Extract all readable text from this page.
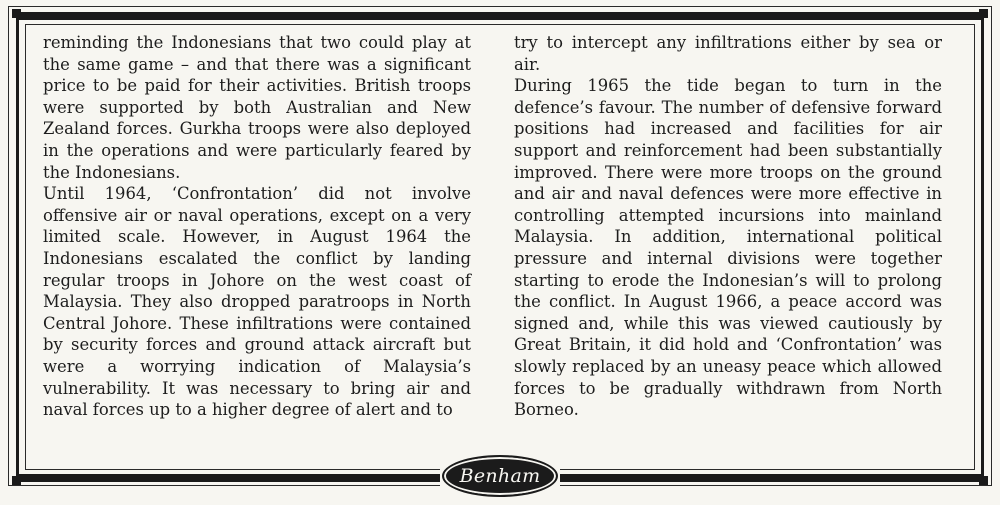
reminding the Indonesians that two could play at the same game – and that there was a significant price to be paid for their activities. British troops were supported by both Australian and New Zealand forces. Gurkha troops were also deployed in the operations and were particularly feared by the Indonesians.

Until 1964, ‘Confrontation’ did not involve offensive air or naval operations, except on a very limited scale. However, in August 1964 the Indonesians escalated the conflict by landing regular troops in Johore on the west coast of Malaysia. They also dropped paratroops in North Central Johore. These infiltrations were contained by security forces and ground attack aircraft but were a worrying indication of Malaysia’s vulnerability. It was necessary to bring air and naval forces up to a higher degree of alert and to

try to intercept any infiltrations either by sea or air.

During 1965 the tide began to turn in the defence’s favour. The number of defensive forward positions had increased and facilities for air support and reinforcement had been substantially improved. There were more troops on the ground and air and naval defences were more effective in controlling attempted incursions into mainland Malaysia. In addition, international political pressure and internal divisions were together starting to erode the Indonesian’s will to prolong the conflict. In August 1966, a peace accord was signed and, while this was viewed cautiously by Great Britain, it did hold and ‘Confrontation’ was slowly replaced by an uneasy peace which allowed forces to be gradually withdrawn from North Borneo.

Benham
